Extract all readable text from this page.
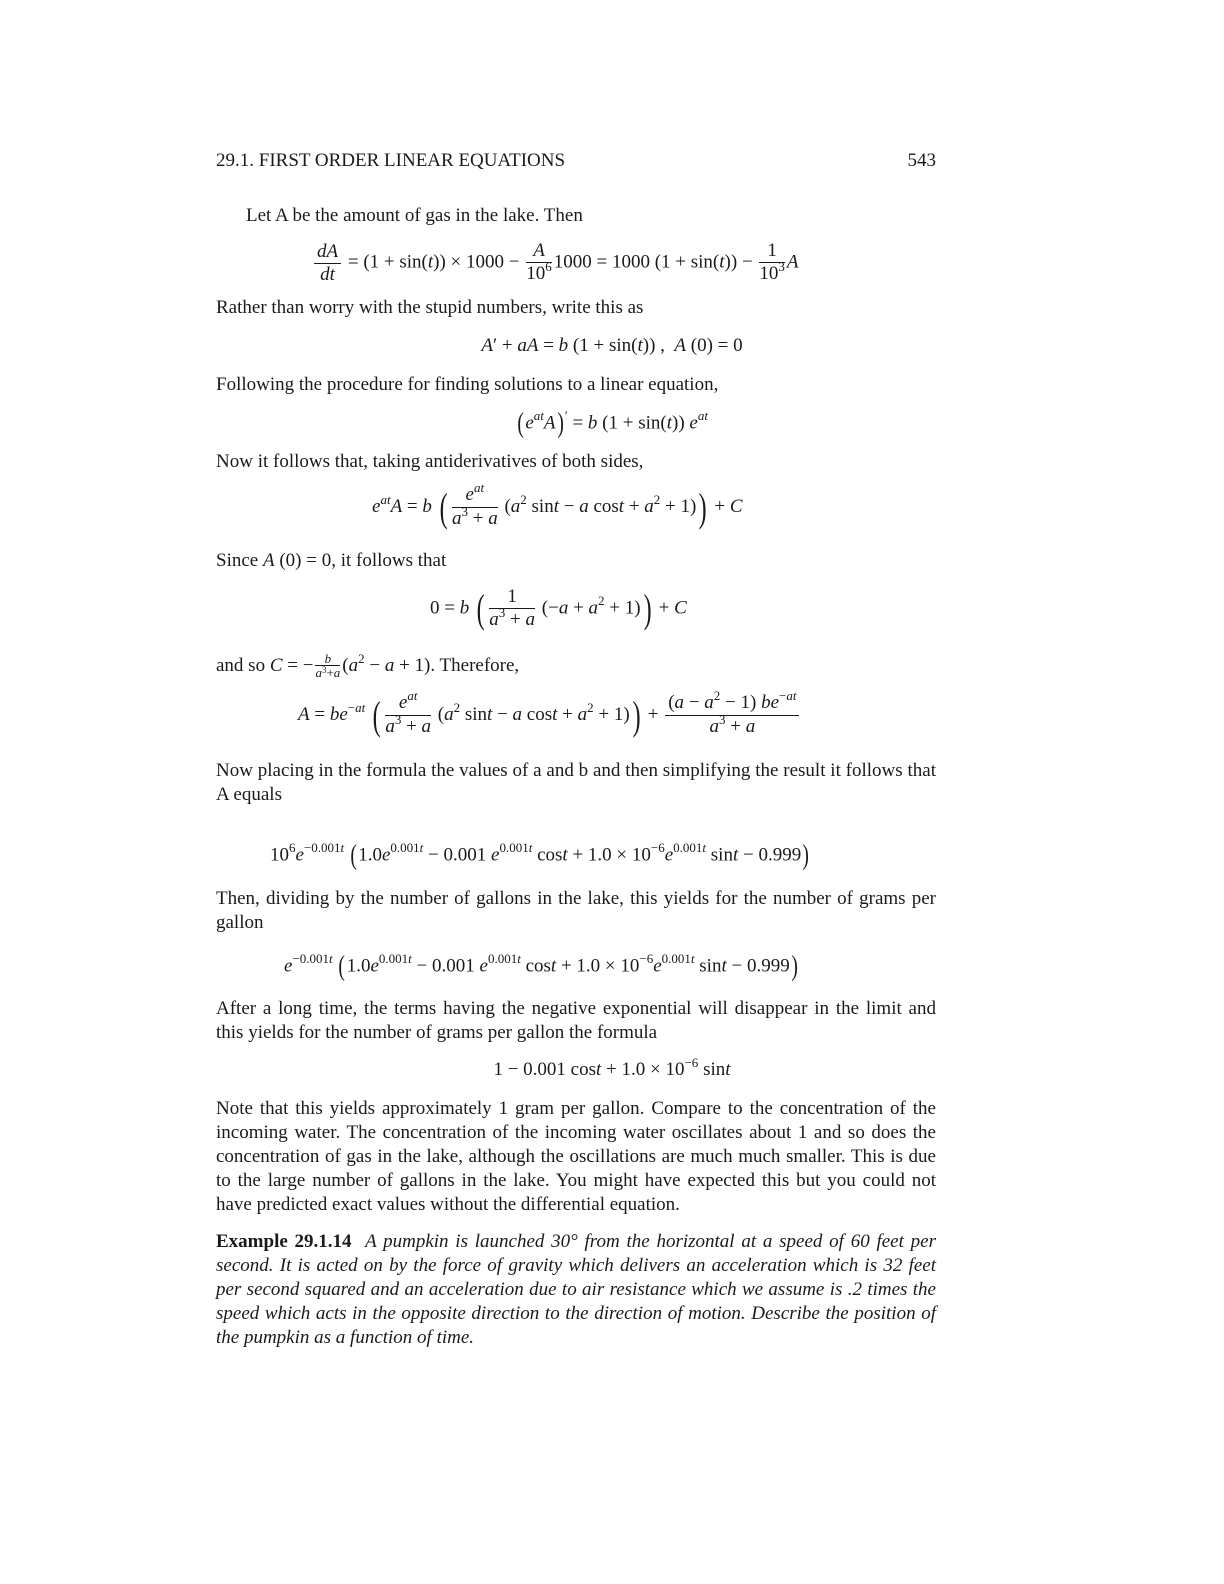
29.1. FIRST ORDER LINEAR EQUATIONS	543
Let A be the amount of gas in the lake. Then
$\frac{dA}{dt} = (1 + \sin(t)) \times 1000 - \frac{A}{10^6} 1000 = 1000$ $(1 + \sin(t)) - \frac{1}{10^3}$ A
Rather than worry with the stupid numbers, write this as
A′ + aA = b (1 + sin(t)) ,  A (0) = 0
Following the procedure for finding solutions to a linear equation,
$(e^{at}A)' = b$ (1 + sin(t)) $e^{at}$
Now it follows that, taking antiderivatives of both sides,
$e^{at}A = b$ ( $\frac{e^{at}}{a^3 + a} (a^2$ sint − a $\cos t + a^2 + 1)) + C$
Since A (0) = 0, it follows that
0 = b ( $\frac{1}{a^3 + a} (-a + a^2 + 1)) + C$
and so C = − $\frac{b}{a^3+a} (a^2 - a + 1)$. Therefore,
$A = be^{-at}$ ( $\frac{e^{at}}{a^3 + a} (a^2$ sint − a $\cos t + a^2 + 1)) + \frac{(a - a^2 - 1) be^{-at}}{a^3 + a}$
Now placing in the formula the values of a and b and then simplifying the result it follows that A equals
$10^6e^{-0.001t}$ ($1.0e^{0.001t} - 0.001$ $e^{0.001t}$ $\cos t + 1.0 \times 10^{-6}e^{0.001t}$ sint − 0.999)
Then, dividing by the number of gallons in the lake, this yields for the number of grams per gallon
$e^{-0.001t}$ ($1.0e^{0.001t} - 0.001$ $e^{0.001t}$ $\cos t + 1.0 \times 10^{-6}e^{0.001t}$ sint − 0.999)
After a long time, the terms having the negative exponential will disappear in the limit and this yields for the number of grams per gallon the formula
1 − 0.001 $\cos t + 1.0 \times 10^{-6}$ sint
Note that this yields approximately 1 gram per gallon. Compare to the concentration of the incoming water. The concentration of the incoming water oscillates about 1 and so does the concentration of gas in the lake, although the oscillations are much much smaller. This is due to the large number of gallons in the lake. You might have expected this but you could not have predicted exact values without the differential equation.
Example 29.1.14 A pumpkin is launched 30° from the horizontal at a speed of 60 feet per second. It is acted on by the force of gravity which delivers an acceleration which is 32 feet per second squared and an acceleration due to air resistance which we assume is .2 times the speed which acts in the opposite direction to the direction of motion. Describe the position of the pumpkin as a function of time.
